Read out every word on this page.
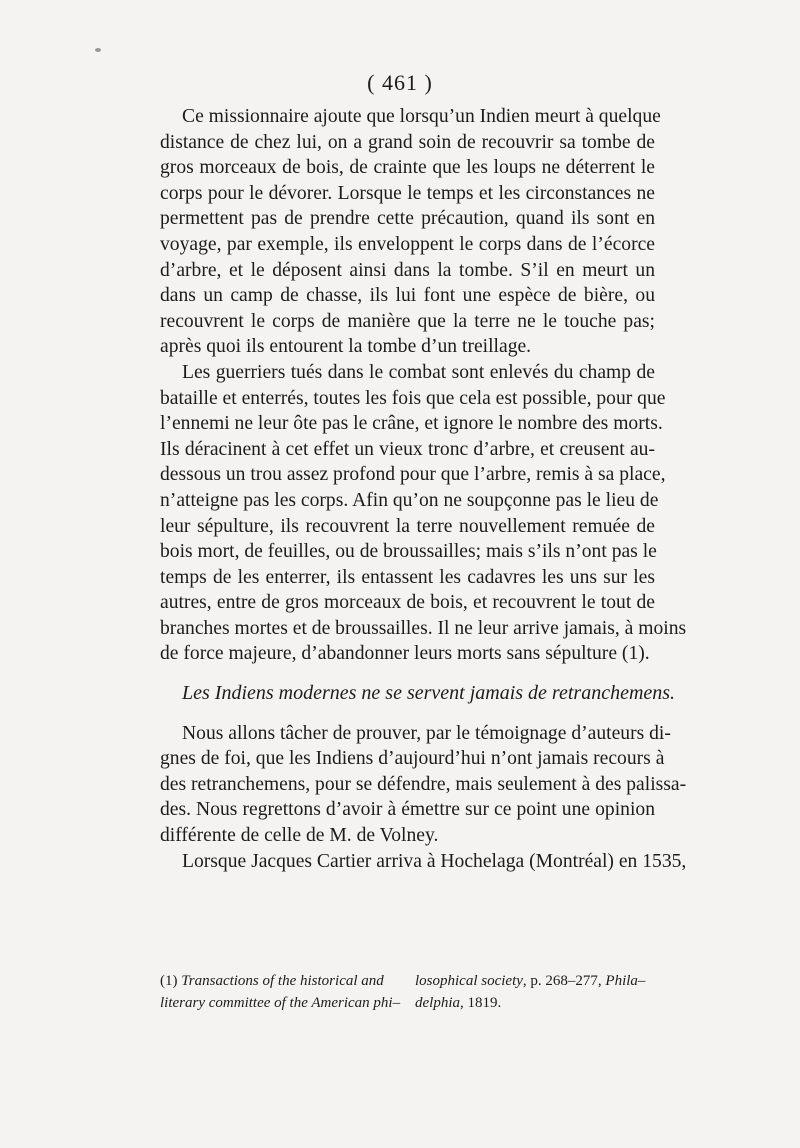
( 461 )
Ce missionnaire ajoute que lorsqu’un Indien meurt à quelque
distance de chez lui, on a grand soin de recouvrir sa tombe de
gros morceaux de bois, de crainte que les loups ne déterrent le
corps pour le dévorer. Lorsque le temps et les circonstances ne
permettent pas de prendre cette précaution, quand ils sont en
voyage, par exemple, ils enveloppent le corps dans de l’écorce
d’arbre, et le déposent ainsi dans la tombe. S’il en meurt un
dans un camp de chasse, ils lui font une espèce de bière, ou
recouvrent le corps de manière que la terre ne le touche pas;
après quoi ils entourent la tombe d’un treillage.
Les guerriers tués dans le combat sont enlevés du champ de
bataille et enterrés, toutes les fois que cela est possible, pour que
l’ennemi ne leur ôte pas le crâne, et ignore le nombre des morts.
Ils déracinent à cet effet un vieux tronc d’arbre, et creusent au-
dessous un trou assez profond pour que l’arbre, remis à sa place,
n’atteigne pas les corps. Afin qu’on ne soupçonne pas le lieu de
leur sépulture, ils recouvrent la terre nouvellement remuée de
bois mort, de feuilles, ou de broussailles; mais s’ils n’ont pas le
temps de les enterrer, ils entassent les cadavres les uns sur les
autres, entre de gros morceaux de bois, et recouvrent le tout de
branches mortes et de broussailles. Il ne leur arrive jamais, à moins
de force majeure, d’abandonner leurs morts sans sépulture (1).
Les Indiens modernes ne se servent jamais de retranchemens.
Nous allons tâcher de prouver, par le témoignage d’auteurs di-
gnes de foi, que les Indiens d’aujourd’hui n’ont jamais recours à
des retranchemens, pour se défendre, mais seulement à des palissa-
des. Nous regrettons d’avoir à émettre sur ce point une opinion
différente de celle de M. de Volney.
Lorsque Jacques Cartier arriva à Hochelaga (Montréal) en 1535,
(1) Transactions of the historical and
literary committee of the American phi–
losophical society, p. 268–277, Phila–
delphia, 1819.
